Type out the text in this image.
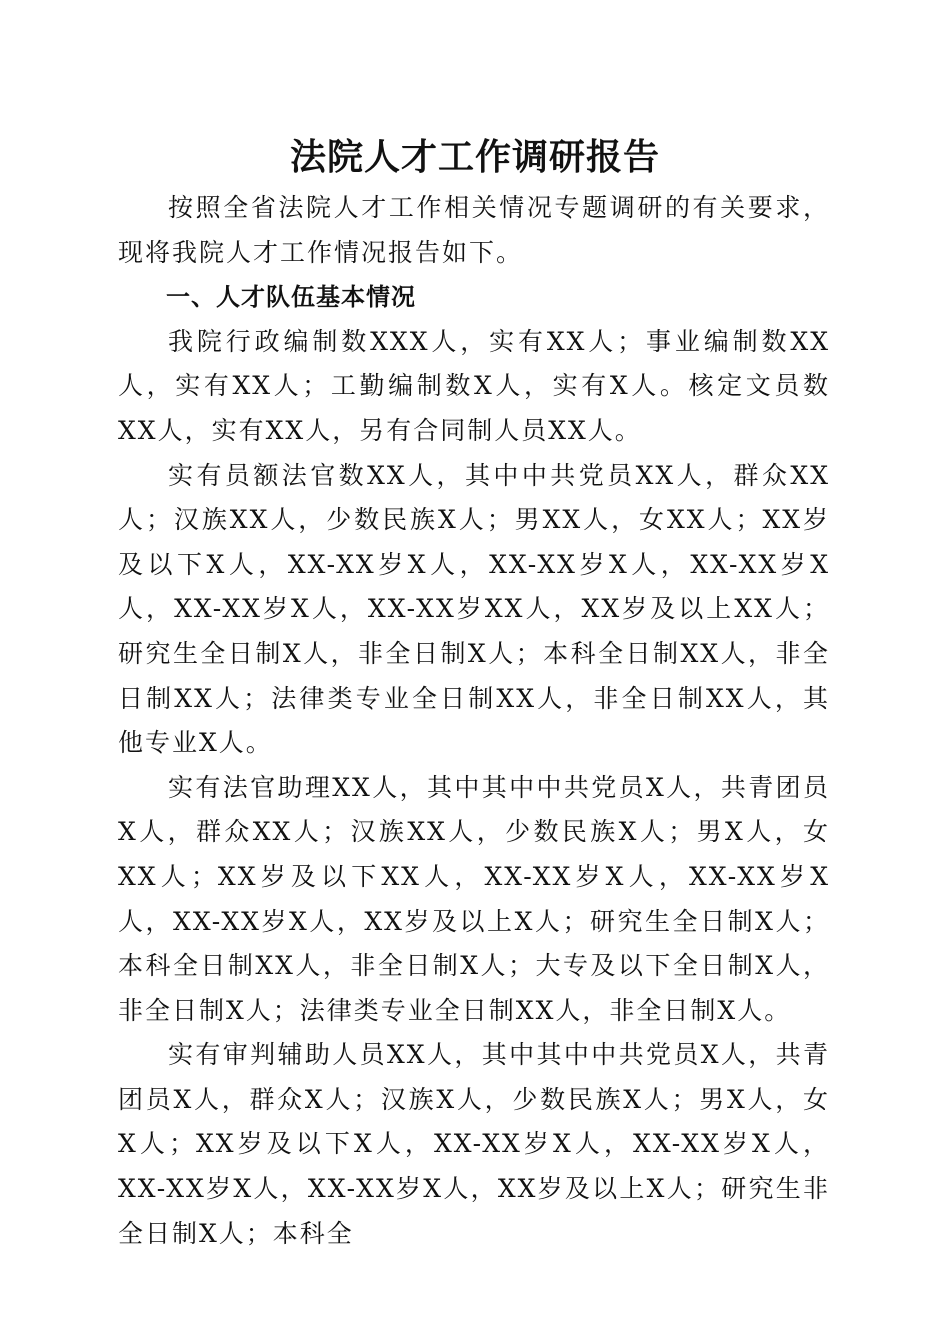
法院人才工作调研报告

按照全省法院人才工作相关情况专题调研的有关要求，现将我院人才工作情况报告如下。

一、人才队伍基本情况

我院行政编制数XXX人，实有XX人；事业编制数XX人，实有XX人；工勤编制数X人，实有X人。核定文员数XX人，实有XX人，另有合同制人员XX人。

实有员额法官数XX人，其中中共党员XX人，群众XX人；汉族XX人，少数民族X人；男XX人，女XX人；XX岁及以下X人，XX-XX岁X人，XX-XX岁X人，XX-XX岁X人，XX-XX岁X人，XX-XX岁XX人，XX岁及以上XX人；研究生全日制X人，非全日制X人；本科全日制XX人，非全日制XX人；法律类专业全日制XX人，非全日制XX人，其他专业X人。

实有法官助理XX人，其中其中中共党员X人，共青团员X人，群众XX人；汉族XX人，少数民族X人；男X人，女XX人；XX岁及以下XX人，XX-XX岁X人，XX-XX岁X人，XX-XX岁X人，XX岁及以上X人；研究生全日制X人；本科全日制XX人，非全日制X人；大专及以下全日制X人，非全日制X人；法律类专业全日制XX人，非全日制X人。

实有审判辅助人员XX人，其中其中中共党员X人，共青团员X人，群众X人；汉族X人，少数民族X人；男X人，女X人；XX岁及以下X人，XX-XX岁X人，XX-XX岁X人，XX-XX岁X人，XX-XX岁X人，XX岁及以上X人；研究生非全日制X人；本科全
